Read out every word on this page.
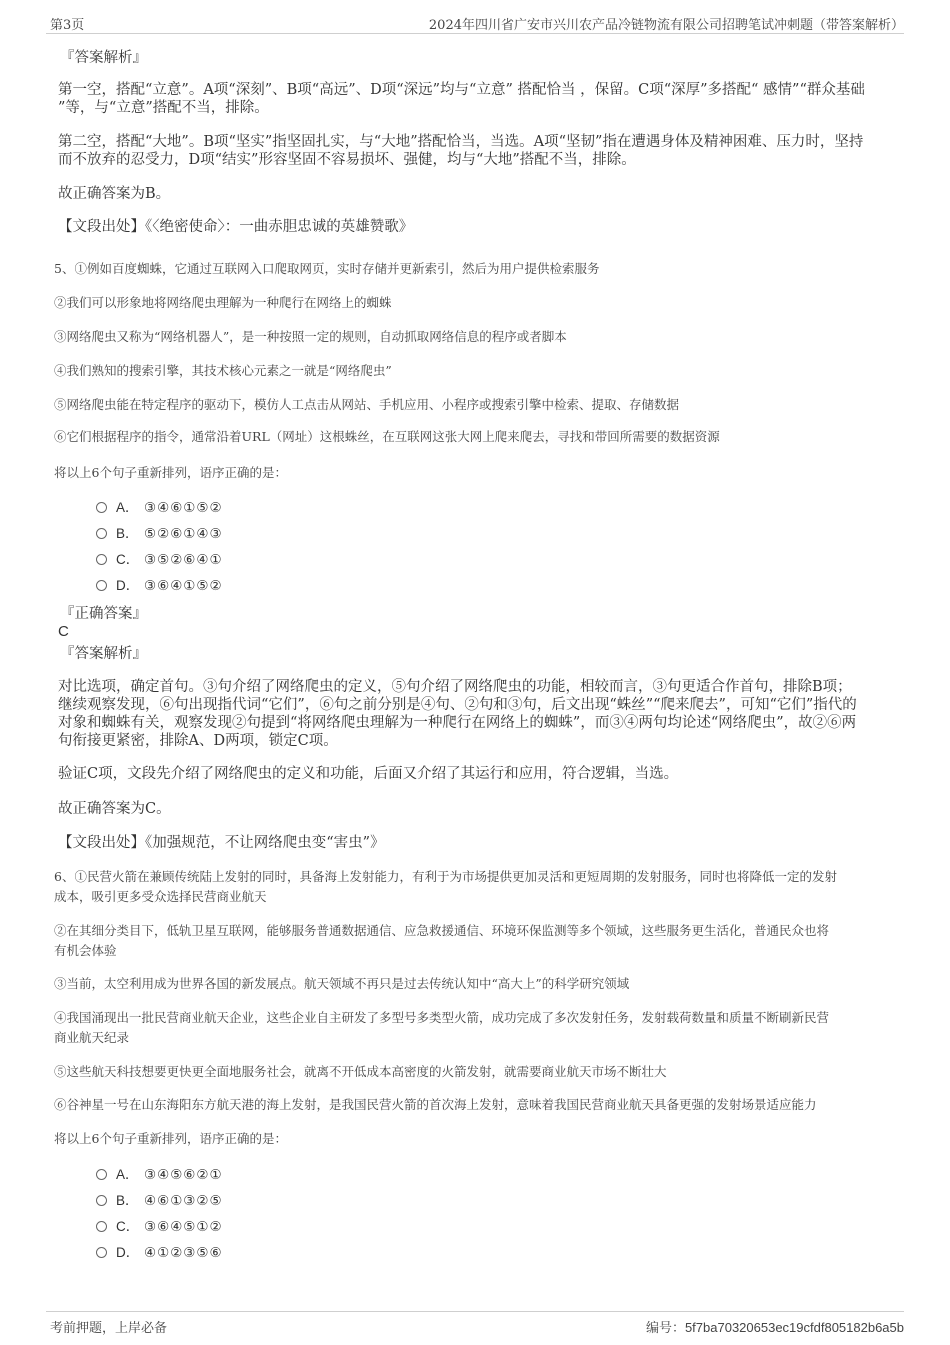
第3页	2024年四川省广安市兴川农产品冷链物流有限公司招聘笔试冲刺题（带答案解析）
『答案解析』
第一空，搭配“立意”。A项“深刻”、B项“高远”、D项“深远”均与“立意” 搭配恰当 ，保留。C项“深厚”多搭配“ 感情”“群众基础
”等，与“立意”搭配不当，排除。
第二空，搭配“大地”。B项“坚实”指坚固扎实，与“大地”搭配恰当，当选。A项“坚韧”指在遭遇身体及精神困难、压力时，坚持
而不放弃的忍受力，D项“结实”形容坚固不容易损坏、强健，均与“大地”搭配不当，排除。
故正确答案为B。
【文段出处】《〈绝密使命〉：一曲赤胆忠诚的英雄赞歌》
5、①例如百度蜘蛛，它通过互联网入口爬取网页，实时存储并更新索引，然后为用户提供检索服务
②我们可以形象地将网络爬虫理解为一种爬行在网络上的蜘蛛
③网络爬虫又称为“网络机器人”，是一种按照一定的规则，自动抓取网络信息的程序或者脚本
④我们熟知的搜索引擎，其技术核心元素之一就是“网络爬虫”
⑤网络爬虫能在特定程序的驱动下，模仿人工点击从网站、手机应用、小程序或搜索引擎中检索、提取、存储数据
⑥它们根据程序的指令，通常沿着URL（网址）这根蛛丝，在互联网这张大网上爬来爬去，寻找和带回所需要的数据资源
将以上6个句子重新排列，语序正确的是：
A． ③④⑥①⑤②
B． ⑤②⑥①④③
C． ③⑤②⑥④①
D． ③⑥④①⑤②
『正确答案』
C
『答案解析』
对比选项，确定首句。③句介绍了网络爬虫的定义，⑤句介绍了网络爬虫的功能，相较而言，③句更适合作首句，排除B项；
继续观察发现，⑥句出现指代词“它们”，⑥句之前分别是④句、②句和③句，后文出现“蛛丝”“爬来爬去”，可知“它们”指代的
对象和蜘蛛有关，观察发现②句提到“将网络爬虫理解为一种爬行在网络上的蜘蛛”，而③④两句均论述“网络爬虫”，故②⑥两
句衔接更紧密，排除A、D两项，锁定C项。
验证C项，文段先介绍了网络爬虫的定义和功能，后面又介绍了其运行和应用，符合逻辑，当选。
故正确答案为C。
【文段出处】《加强规范，不让网络爬虫变“害虫”》
6、①民营火箭在兼顾传统陆上发射的同时，具备海上发射能力，有利于为市场提供更加灵活和更短周期的发射服务，同时也将降低一定的发射
成本，吸引更多受众选择民营商业航天
②在其细分类目下，低轨卫星互联网，能够服务普通数据通信、应急救援通信、环境环保监测等多个领域，这些服务更生活化，普通民众也将
有机会体验
③当前，太空利用成为世界各国的新发展点。航天领域不再只是过去传统认知中“高大上”的科学研究领域
④我国涌现出一批民营商业航天企业，这些企业自主研发了多型号多类型火箭，成功完成了多次发射任务，发射载荷数量和质量不断刷新民营
商业航天纪录
⑤这些航天科技想要更快更全面地服务社会，就离不开低成本高密度的火箭发射，就需要商业航天市场不断壮大
⑥谷神星一号在山东海阳东方航天港的海上发射，是我国民营火箭的首次海上发射，意味着我国民营商业航天具备更强的发射场景适应能力
将以上6个句子重新排列，语序正确的是：
A． ③④⑤⑥②①
B． ④⑥①③②⑤
C． ③⑥④⑤①②
D． ④①②③⑤⑥
考前押题，上岸必备	编号：5f7ba70320653ec19cfdf805182b6a5b
